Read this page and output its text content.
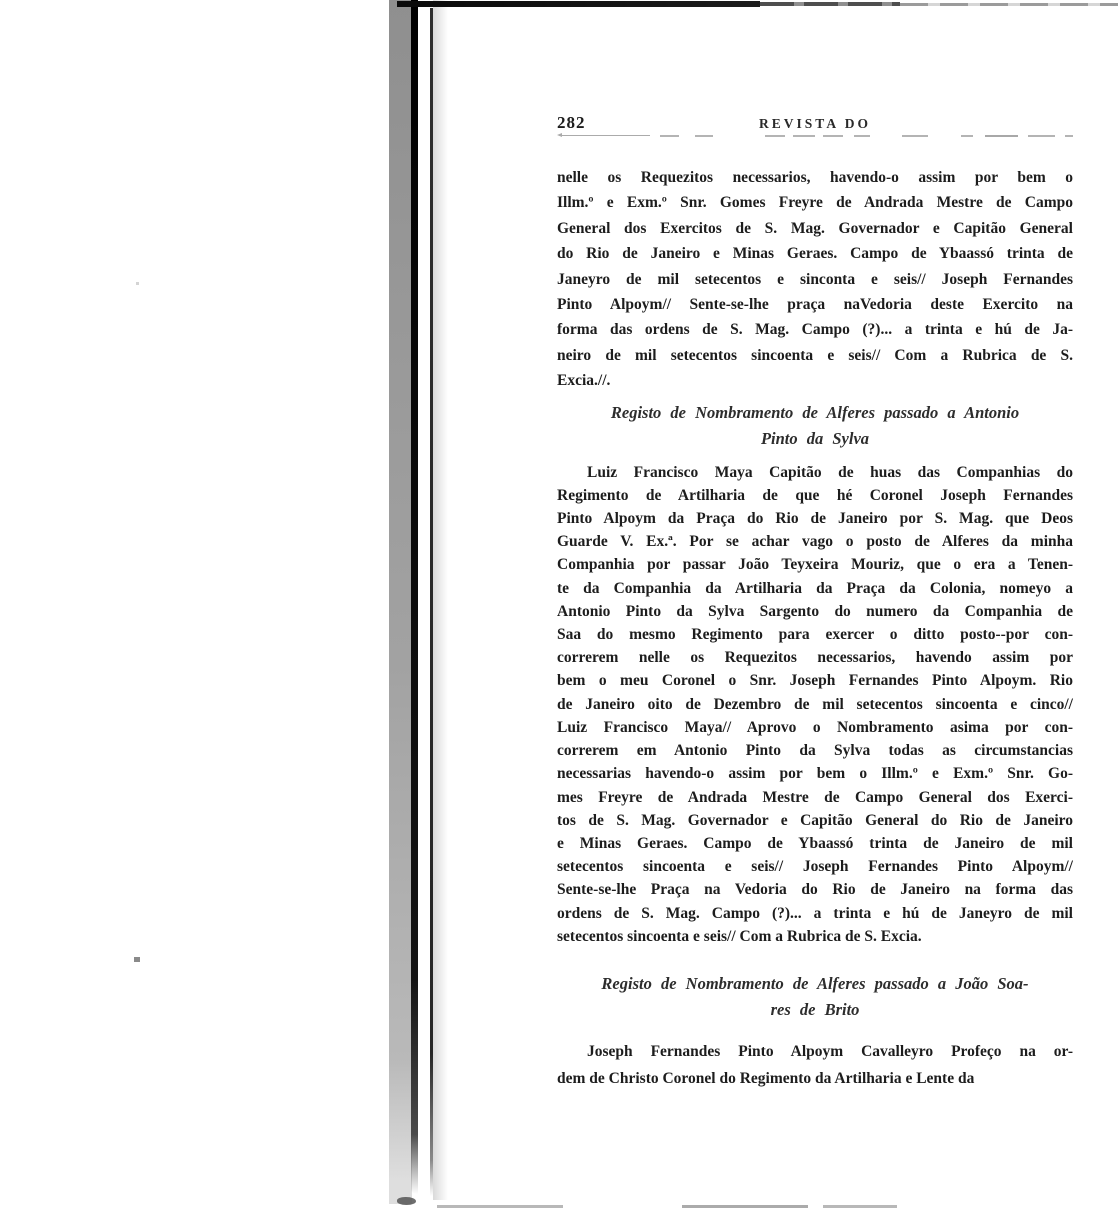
282	REVISTA DO
nelle os Requezitos necessarios, havendo-o assim por bem o
Illm.º e Exm.º Snr. Gomes Freyre de Andrada Mestre de Campo
General dos Exercitos de S. Mag. Governador e Capitão General
do Rio de Janeiro e Minas Geraes. Campo de Ybaassó trinta de
Janeyro de mil setecentos e sinconta e seis// Joseph Fernandes
Pinto Alpoym// Sente-se-lhe praça naVedoria deste Exercito na
forma das ordens de S. Mag. Campo (?)... a trinta e hú de Ja-
neiro de mil setecentos sincoenta e seis// Com a Rubrica de S.
Excia.//.
Registo de Nombramento de Alferes passado a Antonio
Pinto da Sylva
Luiz Francisco Maya Capitão de huas das Companhias do
Regimento de Artilharia de que hé Coronel Joseph Fernandes
Pinto Alpoym da Praça do Rio de Janeiro por S. Mag. que Deos
Guarde V. Ex.ª. Por se achar vago o posto de Alferes da minha
Companhia por passar João Teyxeira Mouriz, que o era a Tenen-
te da Companhia da Artilharia da Praça da Colonia, nomeyo a
Antonio Pinto da Sylva Sargento do numero da Companhia de
Saa do mesmo Regimento para exercer o ditto posto--por con-
correrem nelle os Requezitos necessarios, havendo assim por
bem o meu Coronel o Snr. Joseph Fernandes Pinto Alpoym. Rio
de Janeiro oito de Dezembro de mil setecentos sincoenta e cinco//
Luiz Francisco Maya// Aprovo o Nombramento asima por con-
correrem em Antonio Pinto da Sylva todas as circumstancias
necessarias havendo-o assim por bem o Illm.º e Exm.º Snr. Go-
mes Freyre de Andrada Mestre de Campo General dos Exerci-
tos de S. Mag. Governador e Capitão General do Rio de Janeiro
e Minas Geraes. Campo de Ybaassó trinta de Janeiro de mil
setecentos sincoenta e seis// Joseph Fernandes Pinto Alpoym//
Sente-se-lhe Praça na Vedoria do Rio de Janeiro na forma das
ordens de S. Mag. Campo (?)... a trinta e hú de Janeyro de mil
setecentos sincoenta e seis// Com a Rubrica de S. Excia.
Registo de Nombramento de Alferes passado a João Soa-
res de Brito
Joseph Fernandes Pinto Alpoym Cavalleyro Profeço na or-
dem de Christo Coronel do Regimento da Artilharia e Lente da
